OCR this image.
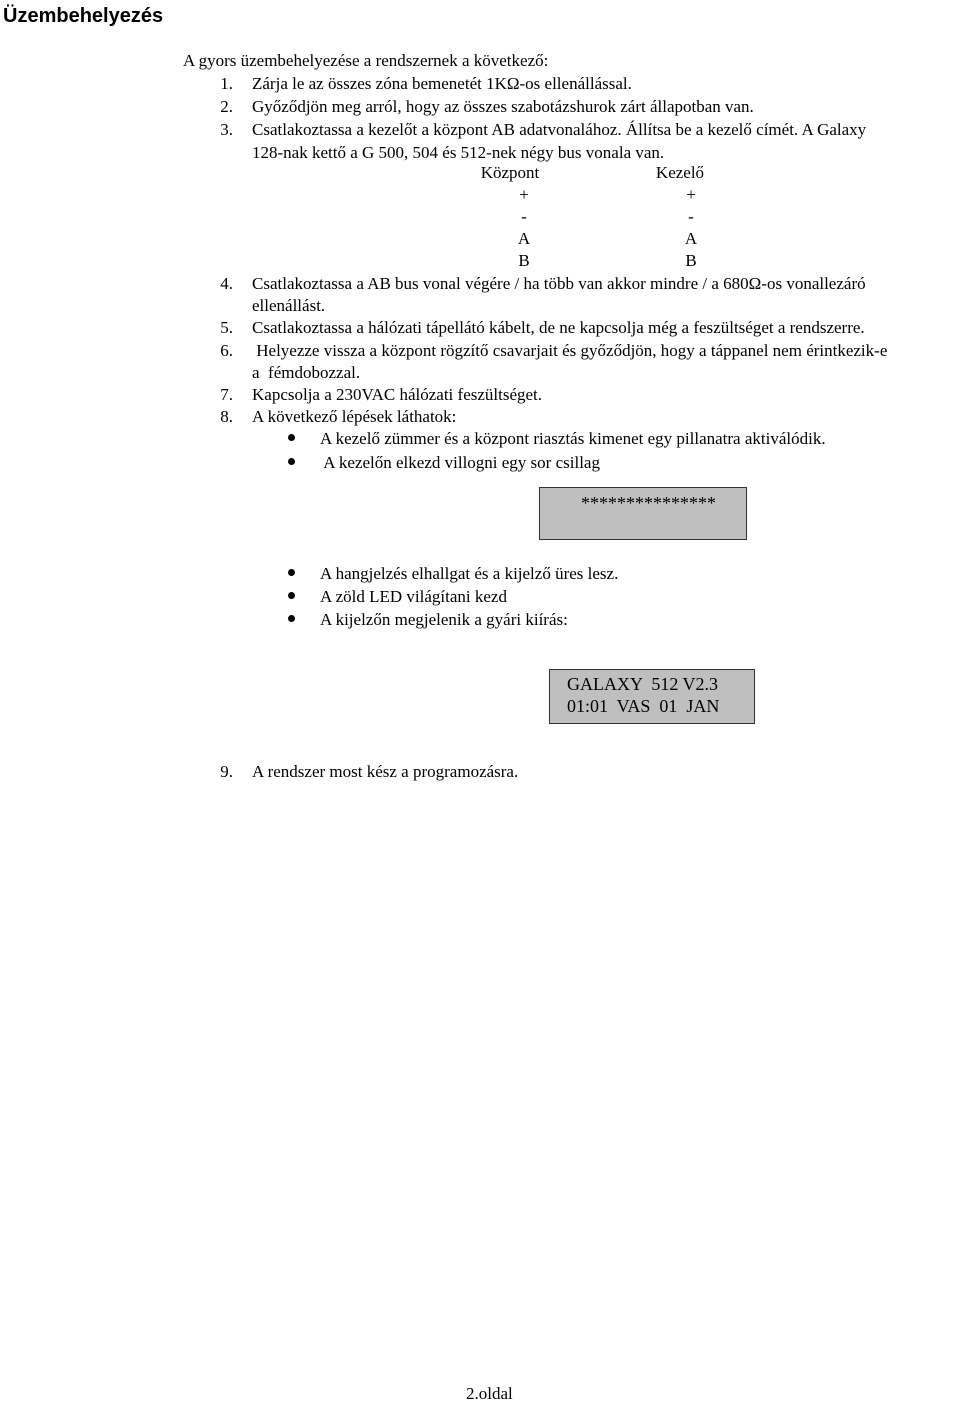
Üzembehelyezés
A gyors üzembehelyezése a rendszernek a következő:
1. Zárja le az összes zóna bemenetét 1KΩ-os ellenállással.
2. Győződjön meg arról, hogy az összes szabotázshurok zárt állapotban van.
3. Csatlakoztassa a kezelőt a központ AB adatvonalához. Állítsa be a kezelő címét. A Galaxy
128-nak kettő a G 500, 504 és 512-nek négy bus vonala van.
Központ	Kezelő
+	+
-	-
A	A
B	B
4. Csatlakoztassa a AB bus vonal végére / ha több van akkor mindre / a 680Ω-os vonallezáró
ellenállást.
5. Csatlakoztassa a hálózati tápellátó kábelt, de ne kapcsolja még a feszültséget a rendszerre.
6. Helyezze vissza a központ rögzítő csavarjait és győződjön, hogy a táppanel nem érintkezik-e
a  fémdobozzal.
7. Kapcsolja a 230VAC hálózati feszültséget.
8. A következő lépések láthatok:
A kezelő zümmer és a központ riasztás kimenet egy pillanatra aktiválódik.
A kezelőn elkezd villogni egy sor csillag
***************
A hangjelzés elhallgat és a kijelző üres lesz.
A zöld LED világítani kezd
A kijelzőn megjelenik a gyári kiírás:
GALAXY  512 V2.3
01:01  VAS  01  JAN
9. A rendszer most kész a programozásra.
2.oldal
